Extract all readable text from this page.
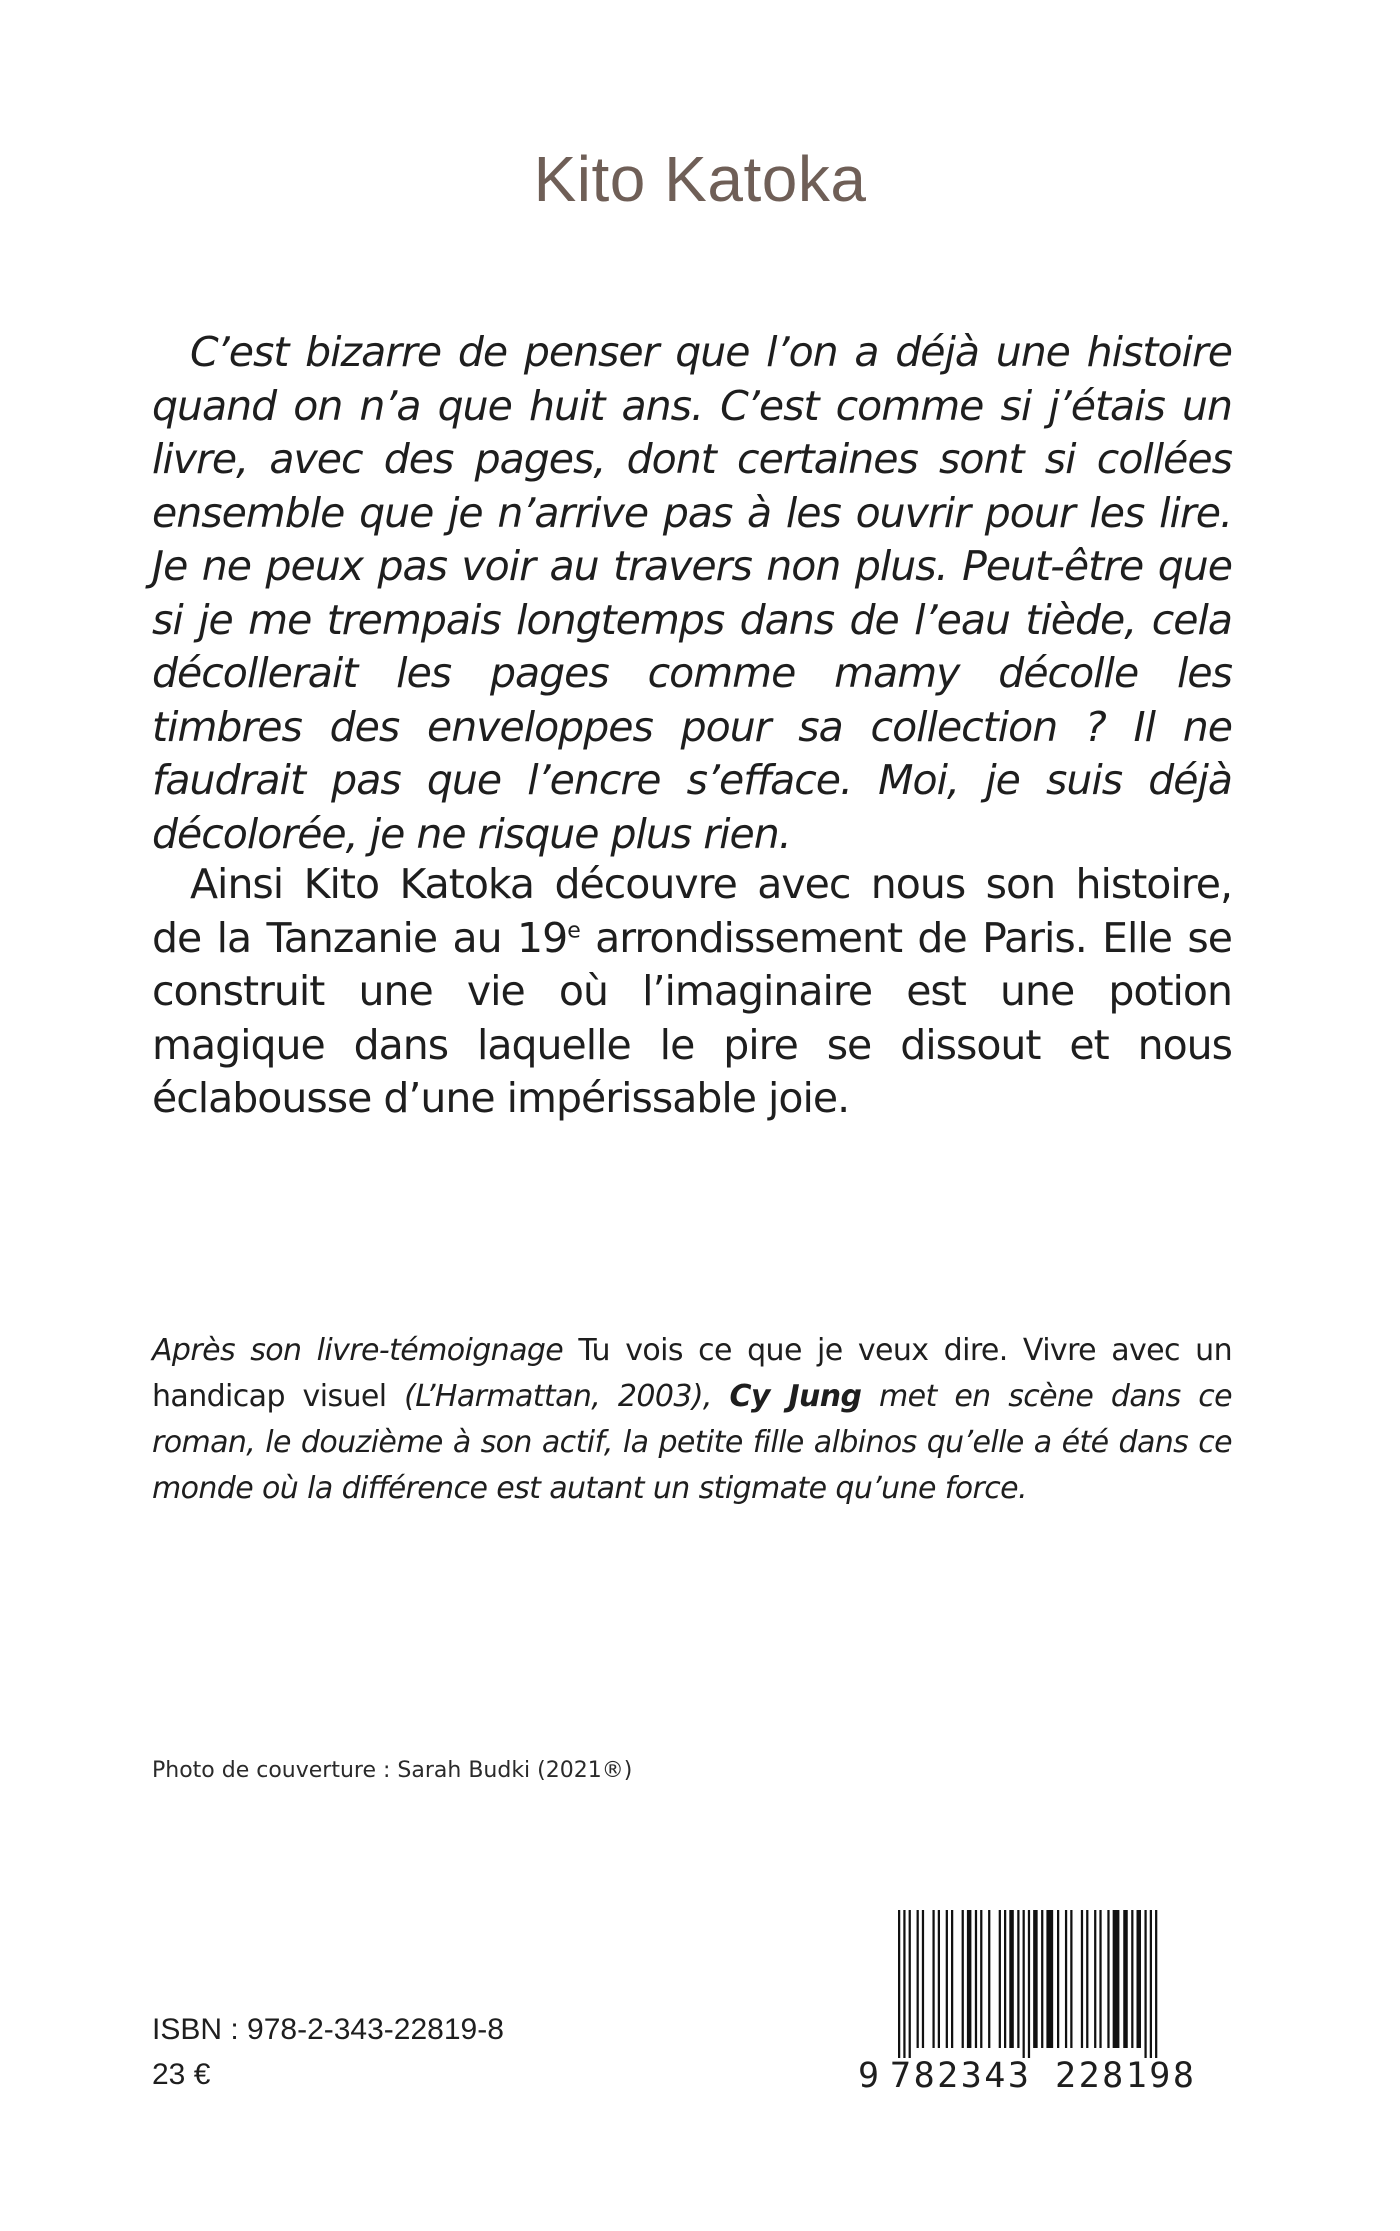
Kito Katoka
C’est bizarre de penser que l’on a déjà une histoire quand on n’a que huit ans. C’est comme si j’étais un livre, avec des pages, dont certaines sont si collées ensemble que je n’arrive pas à les ouvrir pour les lire. Je ne peux pas voir au travers non plus. Peut-être que si je me trempais longtemps dans de l’eau tiède, cela décollerait les pages comme mamy décolle les timbres des enveloppes pour sa collection ? Il ne faudrait pas que l’encre s’efface. Moi, je suis déjà décolorée, je ne risque plus rien.
Ainsi Kito Katoka découvre avec nous son histoire, de la Tanzanie au 19e arrondissement de Paris. Elle se construit une vie où l’imaginaire est une potion magique dans laquelle le pire se dissout et nous éclabousse d’une impérissable joie.
Après son livre-témoignage Tu vois ce que je veux dire. Vivre avec un handicap visuel (L’Harmattan, 2003), Cy Jung met en scène dans ce roman, le douzième à son actif, la petite fille albinos qu’elle a été dans ce monde où la différence est autant un stigmate qu’une force.
Photo de couverture : Sarah Budki (2021®)
ISBN : 978-2-343-22819-8
23 €	9 782343 228198
